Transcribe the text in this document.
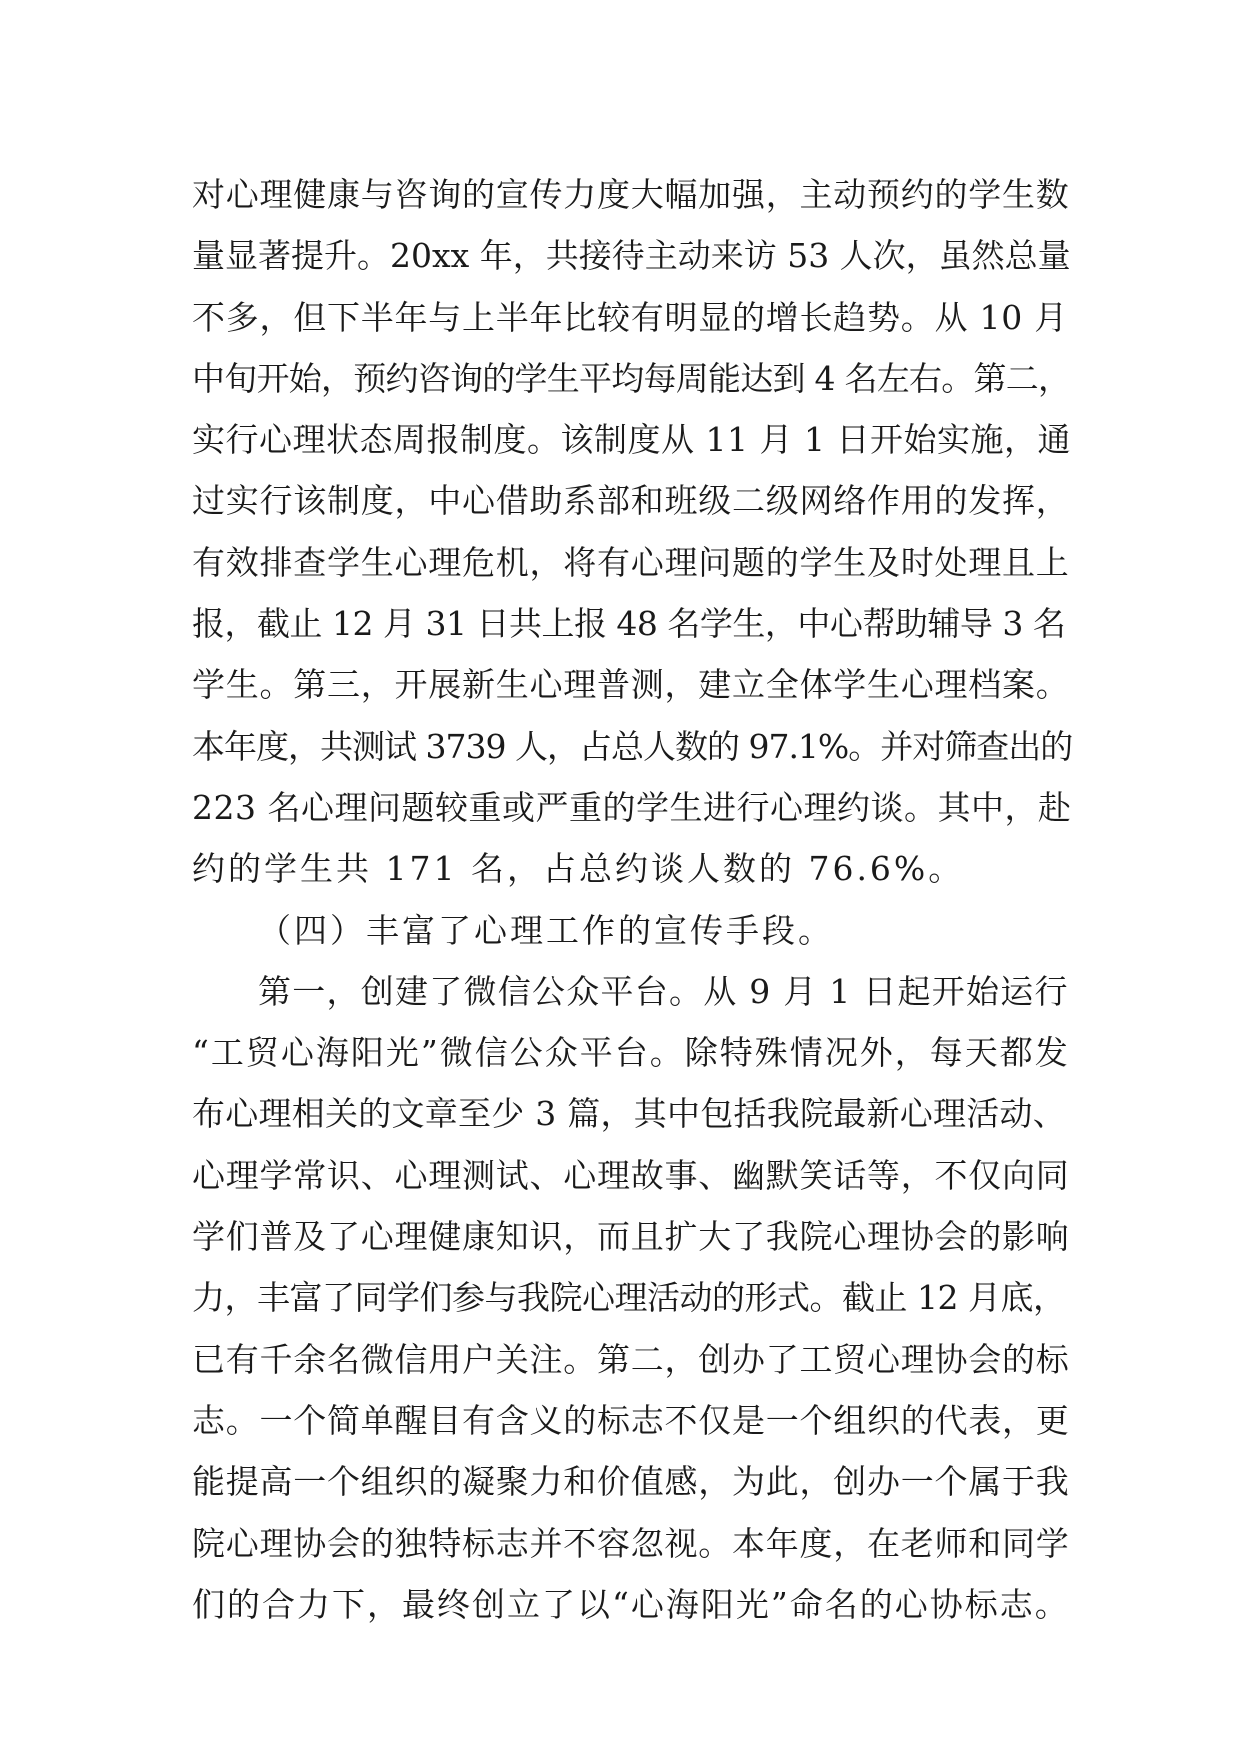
对心理健康与咨询的宣传力度大幅加强，主动预约的学生数
量显著提升。20xx 年，共接待主动来访 53 人次，虽然总量
不多，但下半年与上半年比较有明显的增长趋势。从 10 月
中旬开始，预约咨询的学生平均每周能达到 4 名左右。第二，
实行心理状态周报制度。该制度从 11 月 1 日开始实施，通
过实行该制度，中心借助系部和班级二级网络作用的发挥，
有效排查学生心理危机，将有心理问题的学生及时处理且上
报，截止 12 月 31 日共上报 48 名学生，中心帮助辅导 3 名
学生。第三，开展新生心理普测，建立全体学生心理档案。
本年度，共测试 3739 人，占总人数的 97.1%。并对筛查出的
223 名心理问题较重或严重的学生进行心理约谈。其中，赴
约的学生共 171 名，占总约谈人数的 76.6%。
（四）丰富了心理工作的宣传手段。
第一，创建了微信公众平台。从 9 月 1 日起开始运行
“工贸心海阳光”微信公众平台。除特殊情况外，每天都发
布心理相关的文章至少 3 篇，其中包括我院最新心理活动、
心理学常识、心理测试、心理故事、幽默笑话等，不仅向同
学们普及了心理健康知识，而且扩大了我院心理协会的影响
力，丰富了同学们参与我院心理活动的形式。截止 12 月底，
已有千余名微信用户关注。第二，创办了工贸心理协会的标
志。一个简单醒目有含义的标志不仅是一个组织的代表，更
能提高一个组织的凝聚力和价值感，为此，创办一个属于我
院心理协会的独特标志并不容忽视。本年度，在老师和同学
们的合力下，最终创立了以“心海阳光”命名的心协标志。
